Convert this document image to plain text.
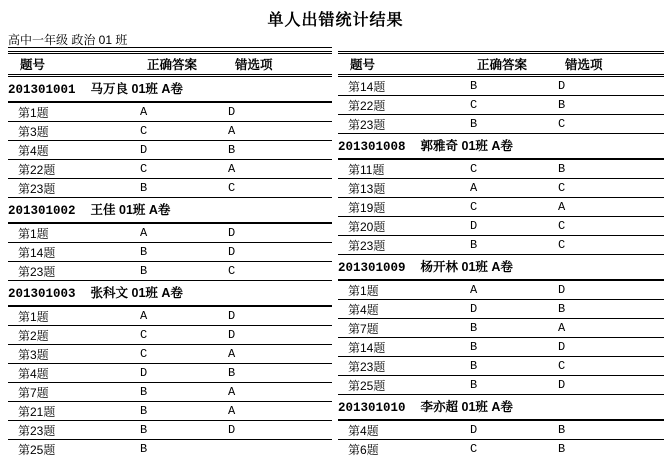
单人出错统计结果
高中一年级 政治 01 班
题号	正确答案	错选项
201301001 马万良 01班 A卷
第1题	A	D
第3题	C	A
第4题	D	B
第22题	C	A
第23题	B	C
201301002 王佳 01班 A卷
第1题	A	D
第14题	B	D
第23题	B	C
201301003 张科文 01班 A卷
第1题	A	D
第2题	C	D
第3题	C	A
第4题	D	B
第7题	B	A
第21题	B	A
第23题	B	D
第25题	B
题号	正确答案	错选项
第14题	B	D
第22题	C	B
第23题	B	C
201301008 郭雅奇 01班 A卷
第11题	C	B
第13题	A	C
第19题	C	A
第20题	D	C
第23题	B	C
201301009 杨开林 01班 A卷
第1题	A	D
第4题	D	B
第7题	B	A
第14题	B	D
第23题	B	C
第25题	B	D
201301010 李亦超 01班 A卷
第4题	D	B
第6题	C	B
